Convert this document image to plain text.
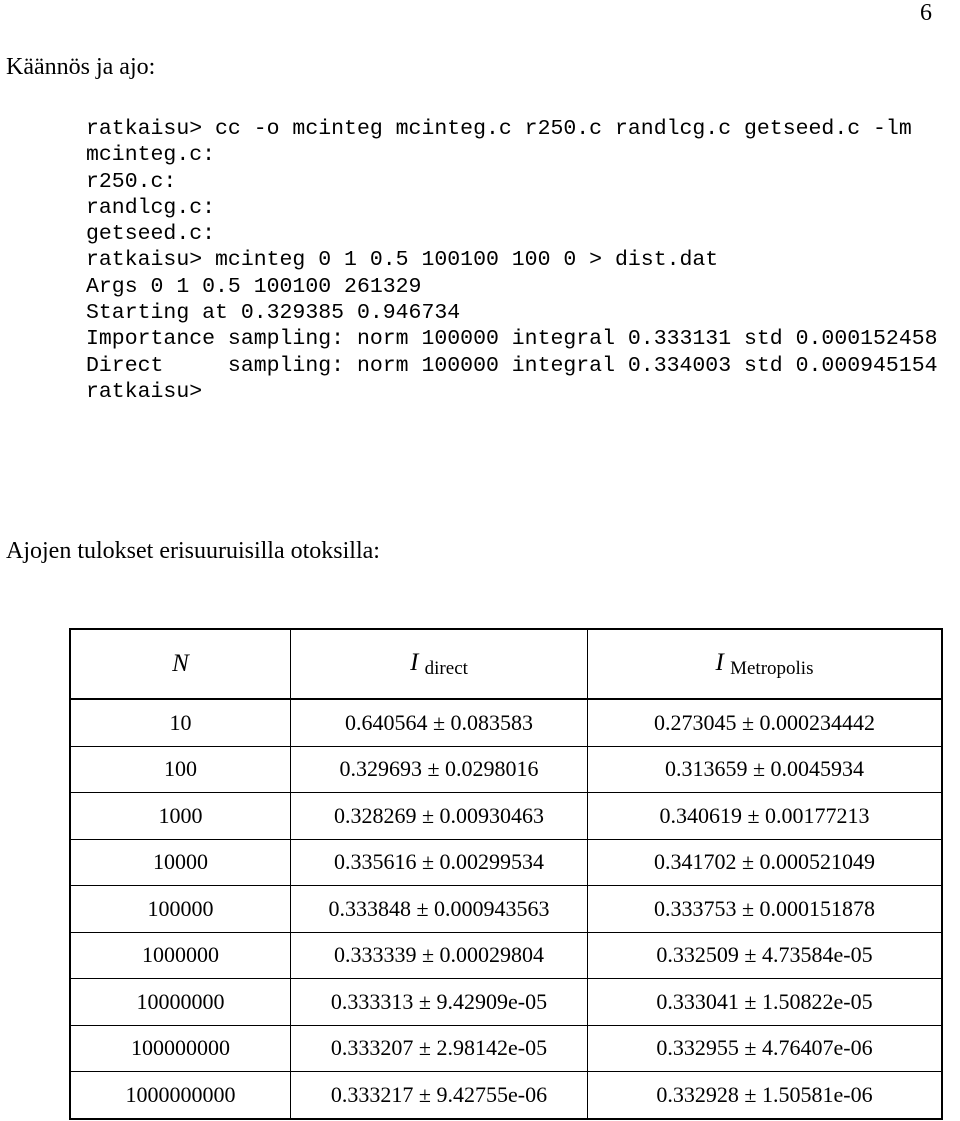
6
Käännös ja ajo:
ratkaisu> cc -o mcinteg mcinteg.c r250.c randlcg.c getseed.c -lm
mcinteg.c:
r250.c:
randlcg.c:
getseed.c:
ratkaisu> mcinteg 0 1 0.5 100100 100 0 > dist.dat
Args 0 1 0.5 100100 261329
Starting at 0.329385 0.946734
Importance sampling: norm 100000 integral 0.333131 std 0.000152458
Direct     sampling: norm 100000 integral 0.334003 std 0.000945154
ratkaisu>
Ajojen tulokset erisuuruisilla otoksilla:
N	I $_{direct}$	I $_{Metropolis}$
10	0.640564 ± 0.083583	0.273045 ± 0.000234442
100	0.329693 ± 0.0298016	0.313659 ± 0.0045934
1000	0.328269 ± 0.00930463	0.340619 ± 0.00177213
10000	0.335616 ± 0.00299534	0.341702 ± 0.000521049
100000	0.333848 ± 0.000943563	0.333753 ± 0.000151878
1000000	0.333339 ± 0.00029804	0.332509 ± 4.73584e-05
10000000	0.333313 ± 9.42909e-05	0.333041 ± 1.50822e-05
100000000	0.333207 ± 2.98142e-05	0.332955 ± 4.76407e-06
1000000000	0.333217 ± 9.42755e-06	0.332928 ± 1.50581e-06
